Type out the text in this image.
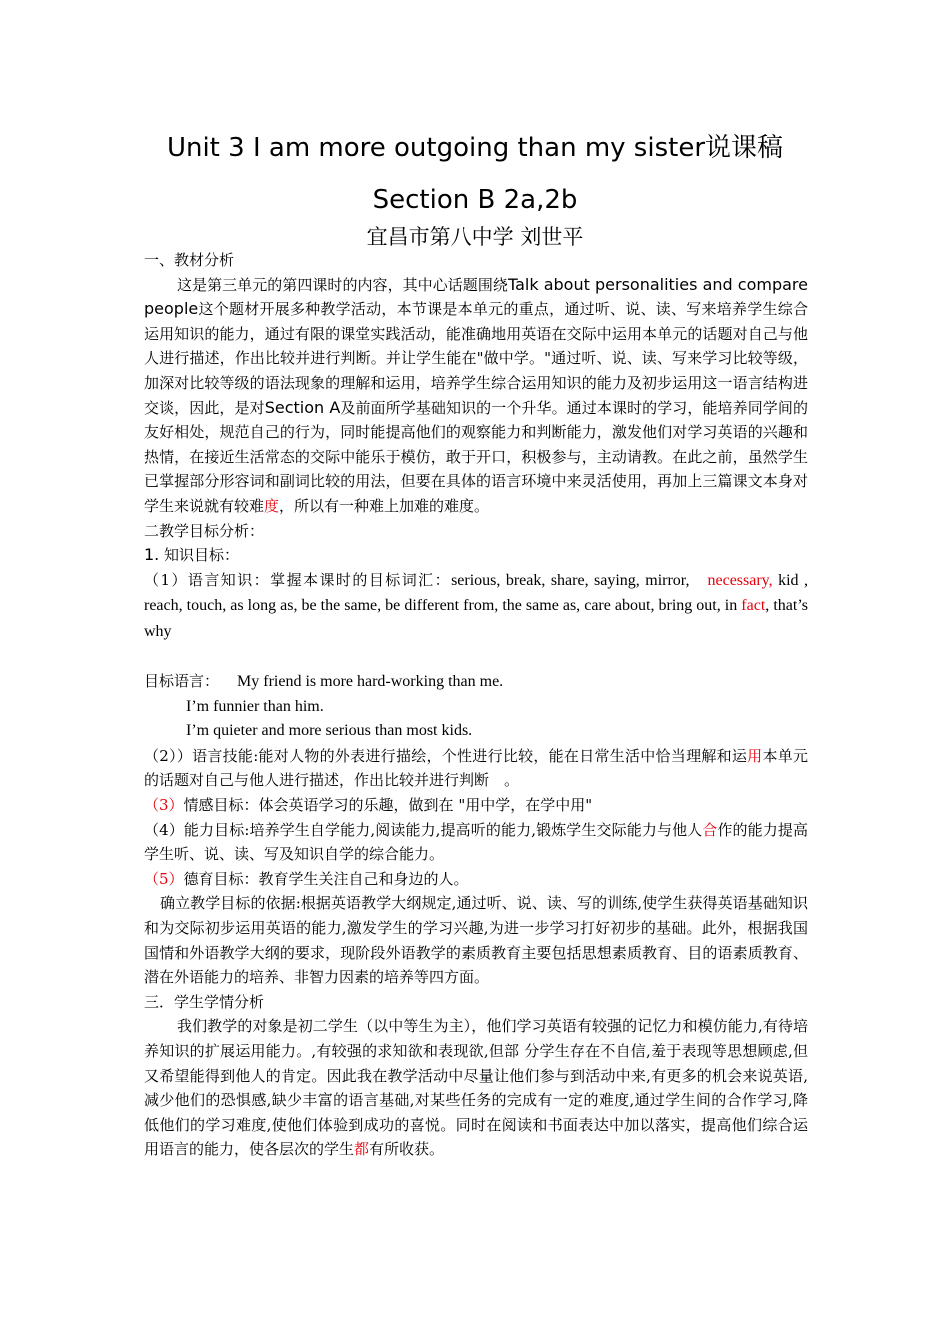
Unit 3 I am more outgoing than my sister说课稿
Section B 2a,2b
宜昌市第八中学 刘世平

一、教材分析

这是第三单元的第四课时的内容，其中心话题围绕Talk about personalities and compare people这个题材开展多种教学活动，本节课是本单元的重点，通过听、说、读、写来培养学生综合运用知识的能力，通过有限的课堂实践活动，能准确地用英语在交际中运用本单元的话题对自己与他人进行描述，作出比较并进行判断。并让学生能在"做中学。"通过听、说、读、写来学习比较等级，加深对比较等级的语法现象的理解和运用，培养学生综合运用知识的能力及初步运用这一语言结构进交谈，因此，是对Section A及前面所学基础知识的一个升华。通过本课时的学习，能培养同学间的友好相处，规范自己的行为，同时能提高他们的观察能力和判断能力，激发他们对学习英语的兴趣和热情，在接近生活常态的交际中能乐于模仿，敢于开口，积极参与，主动请教。在此之前，虽然学生已掌握部分形容词和副词比较的用法，但要在具体的语言环境中来灵活使用，再加上三篇课文本身对学生来说就有较难度，所以有一种难上加难的难度。

二教学目标分析：

1. 知识目标：

（1）语言知识：掌握本课时的目标词汇：serious, break, share, saying, mirror, necessary, kid , reach, touch, as long as, be the same, be different from, the same as, care about, bring out, in fact, that’s why

目标语言： My friend is more hard-working than me.

I’m funnier than him.

I’m quieter and more serious than most kids.

（2））语言技能:能对人物的外表进行描绘，个性进行比较，能在日常生活中恰当理解和运用本单元的话题对自己与他人进行描述，作出比较并进行判断　。

（3）情感目标：体会英语学习的乐趣，做到在 "用中学，在学中用"

（4）能力目标:培养学生自学能力,阅读能力,提高听的能力,锻炼学生交际能力与他人合作的能力提高学生听、说、读、写及知识自学的综合能力。

（5）德育目标：教育学生关注自己和身边的人。

确立教学目标的依据:根据英语教学大纲规定,通过听、说、读、写的训练,使学生获得英语基础知识和为交际初步运用英语的能力,激发学生的学习兴趣,为进一步学习打好初步的基础。此外，根据我国国情和外语教学大纲的要求，现阶段外语教学的素质教育主要包括思想素质教育、目的语素质教育、潜在外语能力的培养、非智力因素的培养等四方面。

三．学生学情分析

我们教学的对象是初二学生（以中等生为主），他们学习英语有较强的记忆力和模仿能力,有待培养知识的扩展运用能力。,有较强的求知欲和表现欲,但部 分学生存在不自信,羞于表现等思想顾虑,但又希望能得到他人的肯定。因此我在教学活动中尽量让他们参与到活动中来,有更多的机会来说英语,减少他们的恐惧感,缺少丰富的语言基础,对某些任务的完成有一定的难度,通过学生间的合作学习,降低他们的学习难度,使他们体验到成功的喜悦。同时在阅读和书面表达中加以落实，提高他们综合运用语言的能力，使各层次的学生都有所收获。
